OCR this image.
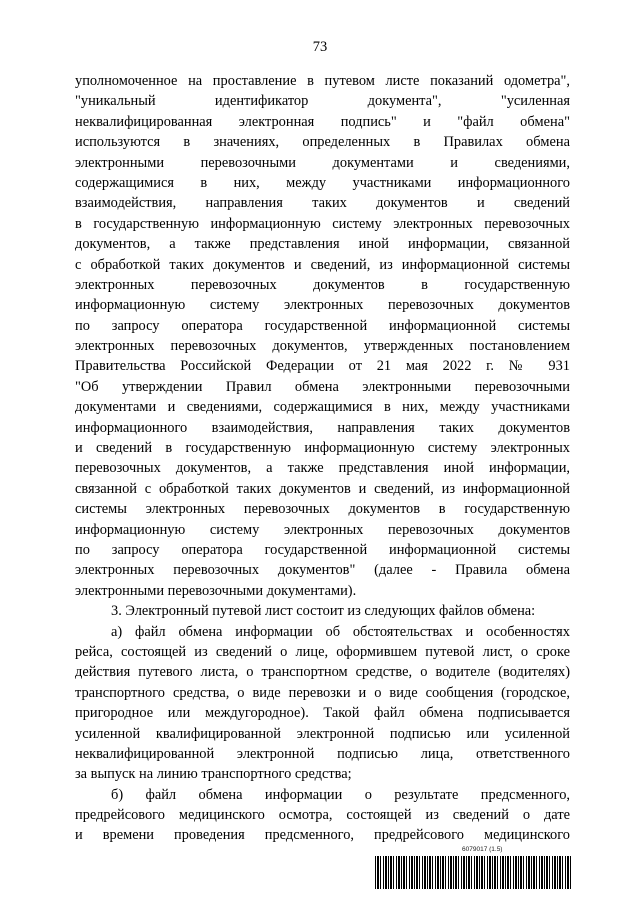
73
уполномоченное на проставление в путевом листе показаний одометра",
"уникальный идентификатор документа", "усиленная
неквалифицированная электронная подпись" и "файл обмена"
используются в значениях, определенных в Правилах обмена
электронными перевозочными документами и сведениями,
содержащимися в них, между участниками информационного
взаимодействия, направления таких документов и сведений
в государственную информационную систему электронных перевозочных
документов, а также представления иной информации, связанной
с обработкой таких документов и сведений, из информационной системы
электронных перевозочных документов в государственную
информационную систему электронных перевозочных документов
по запросу оператора государственной информационной системы
электронных перевозочных документов, утвержденных постановлением
Правительства Российской Федерации от 21 мая 2022 г. № 931
"Об утверждении Правил обмена электронными перевозочными
документами и сведениями, содержащимися в них, между участниками
информационного взаимодействия, направления таких документов
и сведений в государственную информационную систему электронных
перевозочных документов, а также представления иной информации,
связанной с обработкой таких документов и сведений, из информационной
системы электронных перевозочных документов в государственную
информационную систему электронных перевозочных документов
по запросу оператора государственной информационной системы
электронных перевозочных документов" (далее - Правила обмена
электронными перевозочными документами).
3. Электронный путевой лист состоит из следующих файлов обмена:
а) файл обмена информации об обстоятельствах и особенностях
рейса, состоящей из сведений о лице, оформившем путевой лист, о сроке
действия путевого листа, о транспортном средстве, о водителе (водителях)
транспортного средства, о виде перевозки и о виде сообщения (городское,
пригородное или междугородное). Такой файл обмена подписывается
усиленной квалифицированной электронной подписью или усиленной
неквалифицированной электронной подписью лица, ответственного
за выпуск на линию транспортного средства;
б) файл обмена информации о результате предсменного,
предрейсового медицинского осмотра, состоящей из сведений о дате
и времени проведения предсменного, предрейсового медицинского
6079017 (1.5)
